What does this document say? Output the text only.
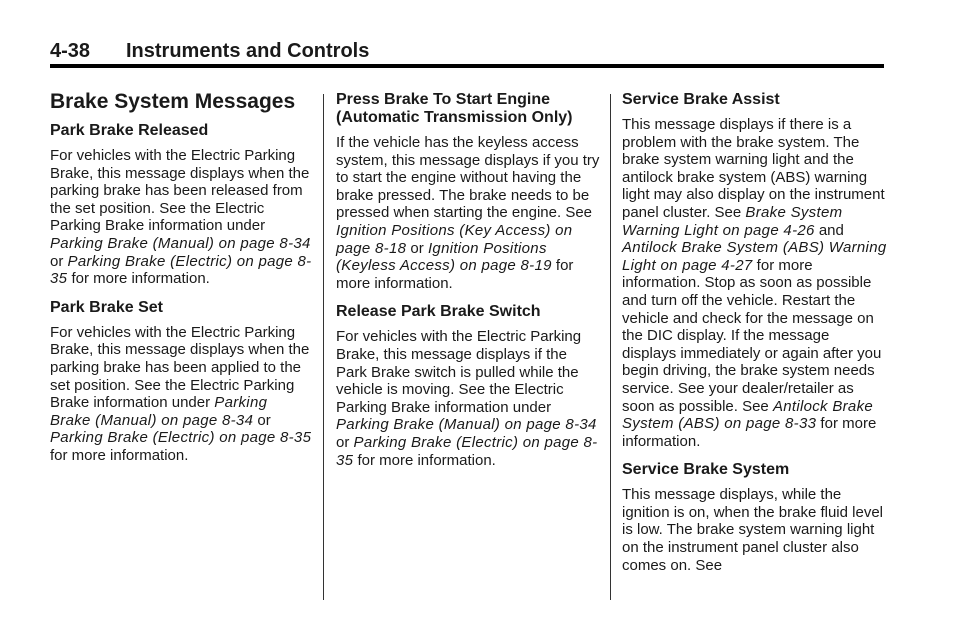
4-38 Instruments and Controls
Brake System Messages
Park Brake Released

For vehicles with the Electric Parking Brake, this message displays when the parking brake has been released from the set position. See the Electric Parking Brake information under Parking Brake (Manual) on page 8-34 or Parking Brake (Electric) on page 8-35 for more information.

Park Brake Set

For vehicles with the Electric Parking Brake, this message displays when the parking brake has been applied to the set position. See the Electric Parking Brake information under Parking Brake (Manual) on page 8-34 or Parking Brake (Electric) on page 8-35 for more information.

Press Brake To Start Engine (Automatic Transmission Only)

If the vehicle has the keyless access system, this message displays if you try to start the engine without having the brake pressed. The brake needs to be pressed when starting the engine. See Ignition Positions (Key Access) on page 8-18 or Ignition Positions (Keyless Access) on page 8-19 for more information.

Release Park Brake Switch

For vehicles with the Electric Parking Brake, this message displays if the Park Brake switch is pulled while the vehicle is moving. See the Electric Parking Brake information under Parking Brake (Manual) on page 8-34 or Parking Brake (Electric) on page 8-35 for more information.

Service Brake Assist

This message displays if there is a problem with the brake system. The brake system warning light and the antilock brake system (ABS) warning light may also display on the instrument panel cluster. See Brake System Warning Light on page 4-26 and Antilock Brake System (ABS) Warning Light on page 4-27 for more information. Stop as soon as possible and turn off the vehicle. Restart the vehicle and check for the message on the DIC display. If the message displays immediately or again after you begin driving, the brake system needs service. See your dealer/retailer as soon as possible. See Antilock Brake System (ABS) on page 8-33 for more information.

Service Brake System

This message displays, while the ignition is on, when the brake fluid level is low. The brake system warning light on the instrument panel cluster also comes on. See
